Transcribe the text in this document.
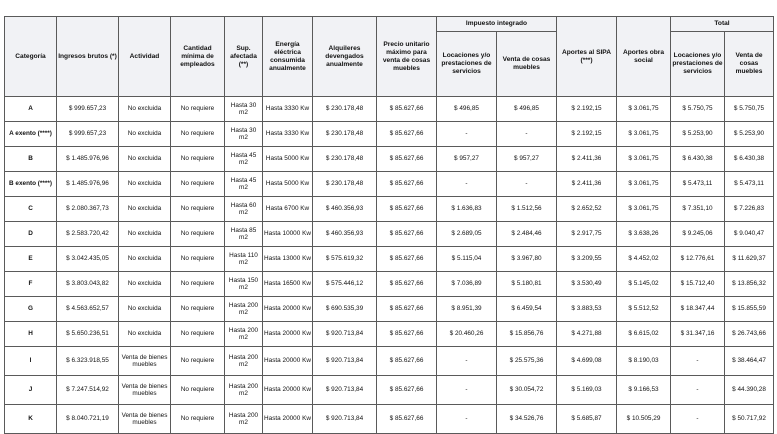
Categoría	Ingresos brutos (*)	Actividad	Cantidad mínima de empleados	Sup. afectada (**)	Energía eléctrica consumida anualmente	Alquileres devengados anualmente	Precio unitario máximo para venta de cosas muebles	Impuesto integrado		Aportes al SIPA (***)	Aportes obra social	Total	
								Locaciones y/o prestaciones de servicios	Venta de cosas muebles			Locaciones y/o prestaciones de servicios	Venta de cosas muebles
A	$ 999.657,23	No excluida	No requiere	Hasta 30 m2	Hasta 3330 Kw	$ 230.178,48	$ 85.627,66	$ 496,85	$ 496,85	$ 2.192,15	$ 3.061,75	$ 5.750,75	$ 5.750,75
A exento (****)	$ 999.657,23	No excluida	No requiere	Hasta 30 m2	Hasta 3330 Kw	$ 230.178,48	$ 85.627,66	-	-	$ 2.192,15	$ 3.061,75	$ 5.253,90	$ 5.253,90
B	$ 1.485.976,96	No excluida	No requiere	Hasta 45 m2	Hasta 5000 Kw	$ 230.178,48	$ 85.627,66	$ 957,27	$ 957,27	$ 2.411,36	$ 3.061,75	$ 6.430,38	$ 6.430,38
B exento (****)	$ 1.485.976,96	No excluida	No requiere	Hasta 45 m2	Hasta 5000 Kw	$ 230.178,48	$ 85.627,66	-	-	$ 2.411,36	$ 3.061,75	$ 5.473,11	$ 5.473,11
C	$ 2.080.367,73	No excluida	No requiere	Hasta 60 m2	Hasta 6700 Kw	$ 460.356,93	$ 85.627,66	$ 1.636,83	$ 1.512,56	$ 2.652,52	$ 3.061,75	$ 7.351,10	$ 7.226,83
D	$ 2.583.720,42	No excluida	No requiere	Hasta 85 m2	Hasta 10000 Kw	$ 460.356,93	$ 85.627,66	$ 2.689,05	$ 2.484,46	$ 2.917,75	$ 3.638,26	$ 9.245,06	$ 9.040,47
E	$ 3.042.435,05	No excluida	No requiere	Hasta 110 m2	Hasta 13000 Kw	$ 575.619,32	$ 85.627,66	$ 5.115,04	$ 3.967,80	$ 3.209,55	$ 4.452,02	$ 12.776,61	$ 11.629,37
F	$ 3.803.043,82	No excluida	No requiere	Hasta 150 m2	Hasta 16500 Kw	$ 575.446,12	$ 85.627,66	$ 7.036,89	$ 5.180,81	$ 3.530,49	$ 5.145,02	$ 15.712,40	$ 13.856,32
G	$ 4.563.652,57	No excluida	No requiere	Hasta 200 m2	Hasta 20000 Kw	$ 690.535,39	$ 85.627,66	$ 8.951,39	$ 6.459,54	$ 3.883,53	$ 5.512,52	$ 18.347,44	$ 15.855,59
H	$ 5.650.236,51	No excluida	No requiere	Hasta 200 m2	Hasta 20000 Kw	$ 920.713,84	$ 85.627,66	$ 20.460,26	$ 15.856,76	$ 4.271,88	$ 6.615,02	$ 31.347,16	$ 26.743,66
I	$ 6.323.918,55	Venta de bienes muebles	No requiere	Hasta 200 m2	Hasta 20000 Kw	$ 920.713,84	$ 85.627,66	-	$ 25.575,36	$ 4.699,08	$ 8.190,03	-	$ 38.464,47
J	$ 7.247.514,92	Venta de bienes muebles	No requiere	Hasta 200 m2	Hasta 20000 Kw	$ 920.713,84	$ 85.627,66	-	$ 30.054,72	$ 5.169,03	$ 9.166,53	-	$ 44.390,28
K	$ 8.040.721,19	Venta de bienes muebles	No requiere	Hasta 200 m2	Hasta 20000 Kw	$ 920.713,84	$ 85.627,66	-	$ 34.526,76	$ 5.685,87	$ 10.505,29	-	$ 50.717,92
